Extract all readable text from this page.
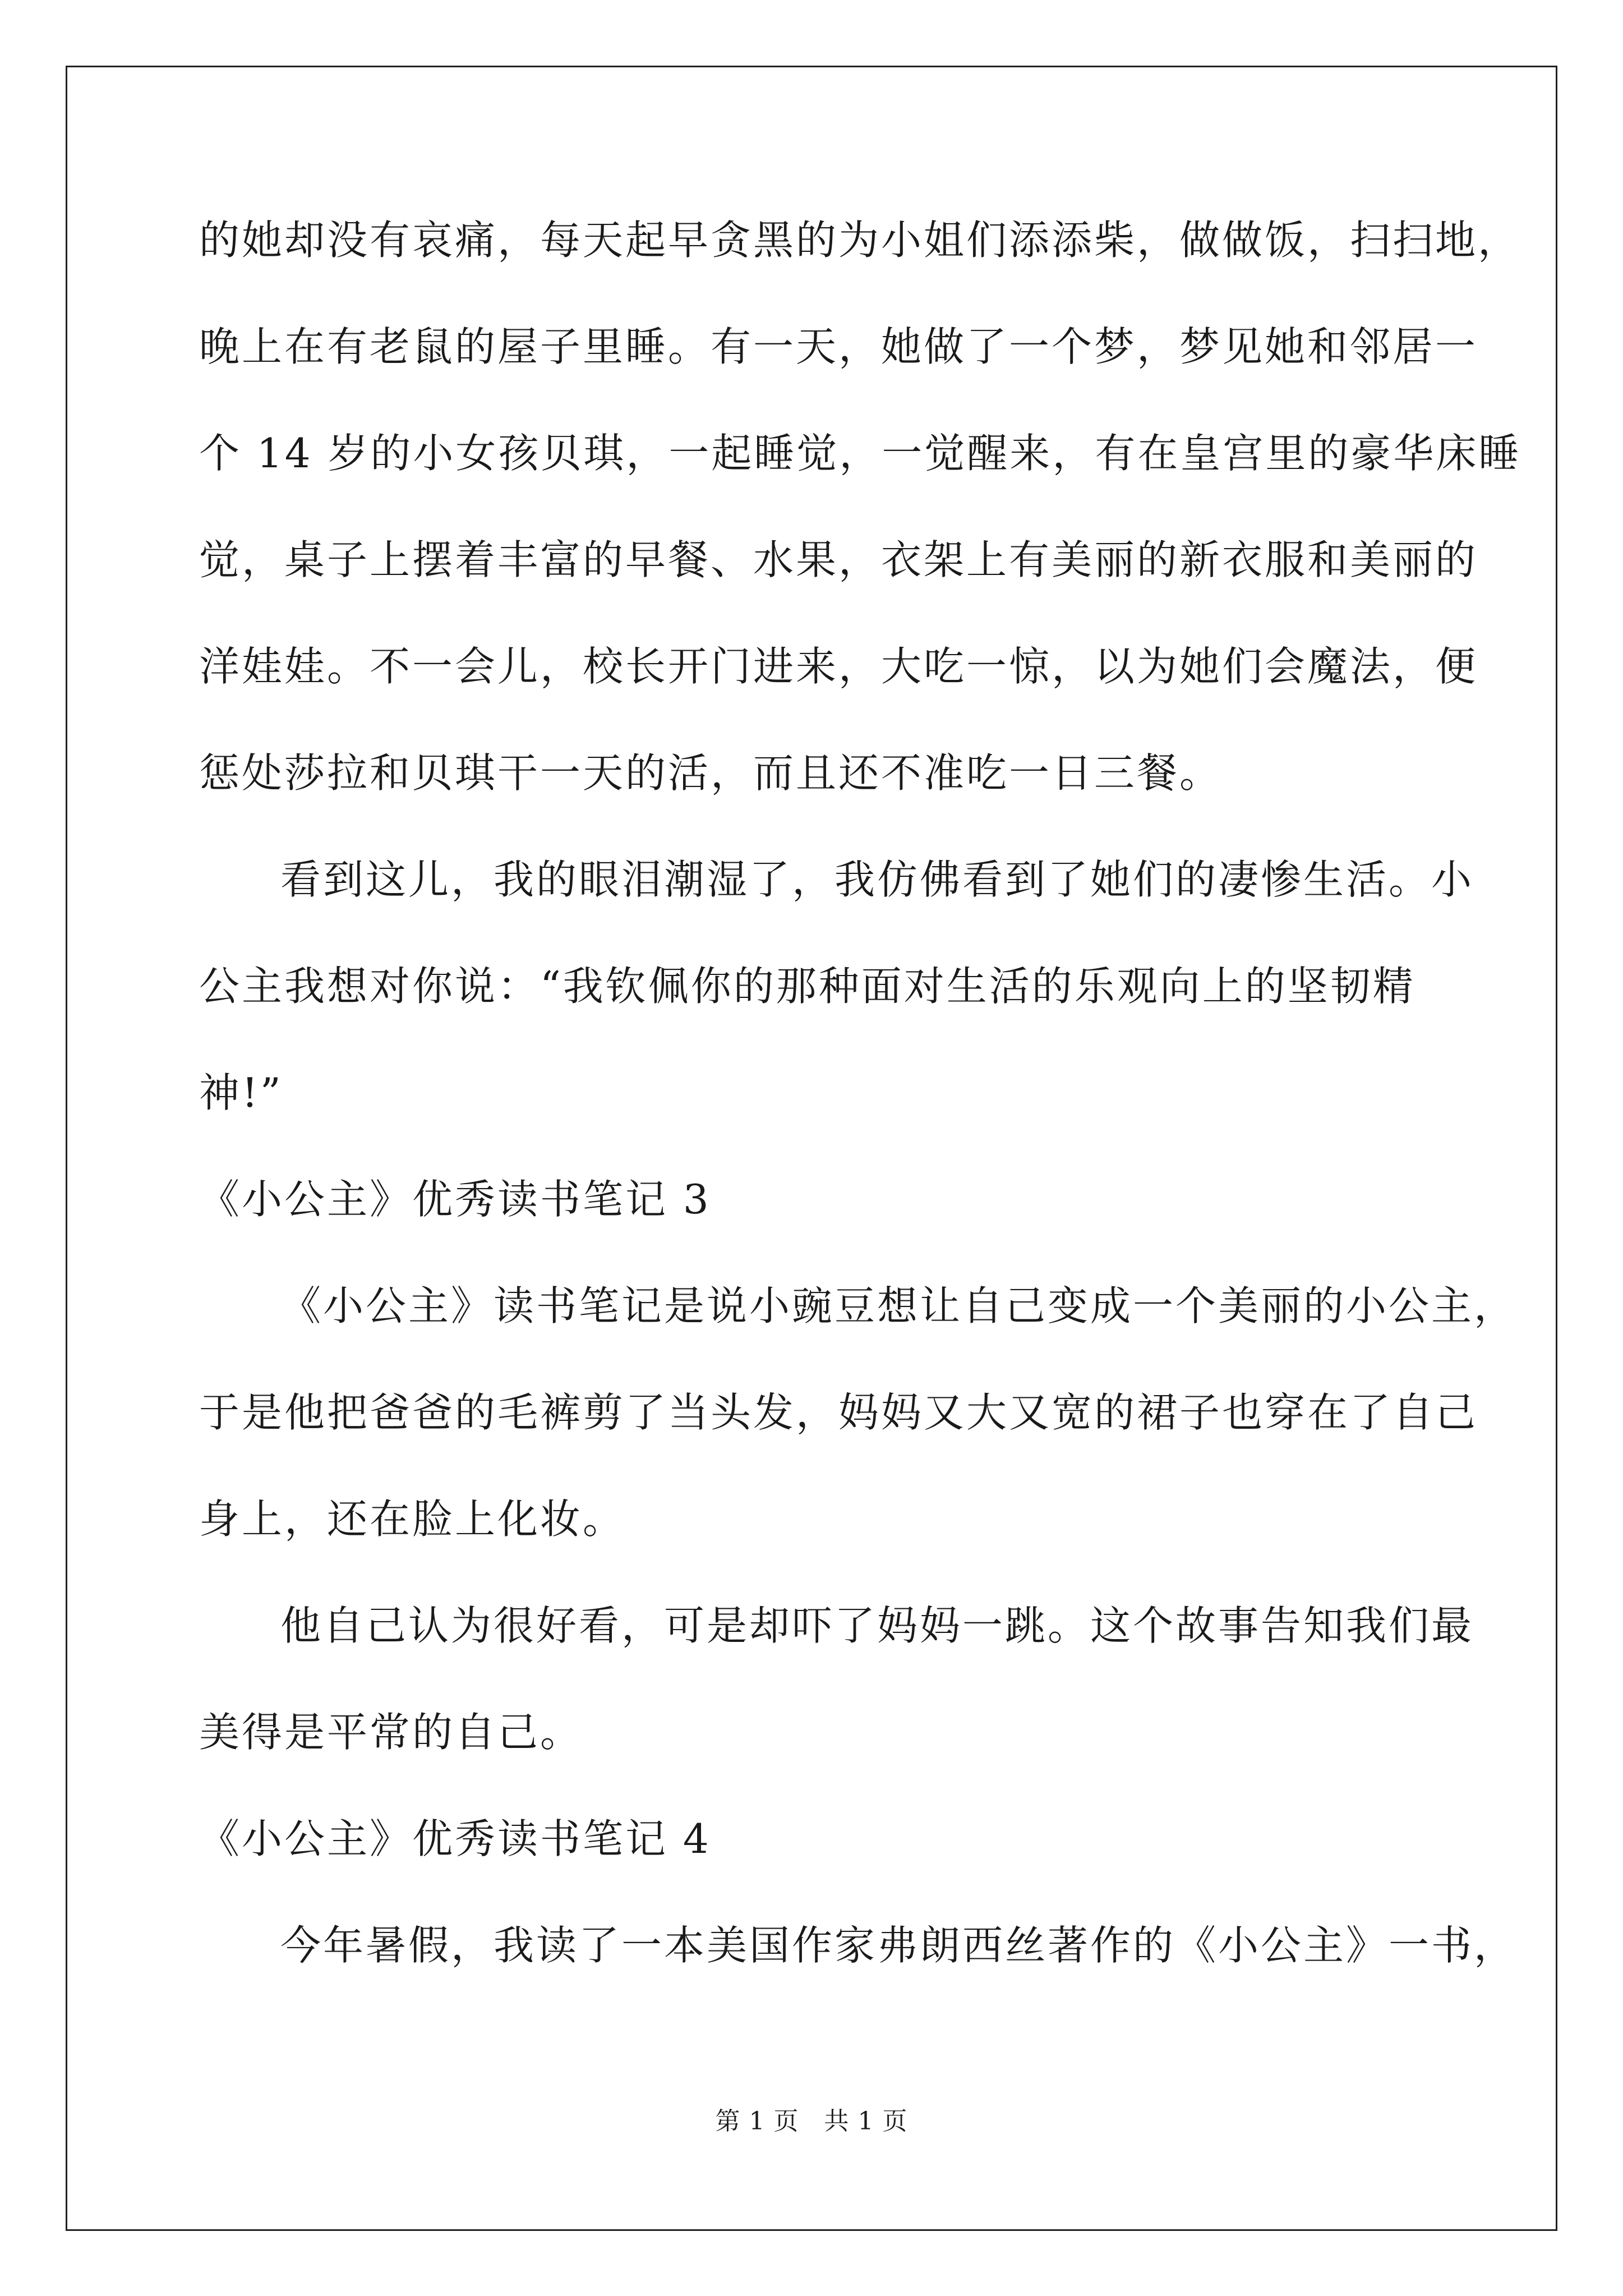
的她却没有哀痛，每天起早贪黑的为小姐们添添柴，做做饭，扫扫地，
晚上在有老鼠的屋子里睡。有一天，她做了一个梦，梦见她和邻居一
个 14 岁的小女孩贝琪，一起睡觉，一觉醒来，有在皇宫里的豪华床睡
觉，桌子上摆着丰富的早餐、水果，衣架上有美丽的新衣服和美丽的
洋娃娃。不一会儿，校长开门进来，大吃一惊，以为她们会魔法，便
惩处莎拉和贝琪干一天的活，而且还不准吃一日三餐。
看到这儿，我的眼泪潮湿了，我仿佛看到了她们的凄惨生活。小
公主我想对你说：“我钦佩你的那种面对生活的乐观向上的坚韧精
神!”
《小公主》优秀读书笔记 3
《小公主》读书笔记是说小豌豆想让自己变成一个美丽的小公主，
于是他把爸爸的毛裤剪了当头发，妈妈又大又宽的裙子也穿在了自己
身上，还在脸上化妆。
他自己认为很好看，可是却吓了妈妈一跳。这个故事告知我们最
美得是平常的自己。
《小公主》优秀读书笔记 4
今年暑假，我读了一本美国作家弗朗西丝著作的《小公主》一书，
第 1 页   共 1 页
